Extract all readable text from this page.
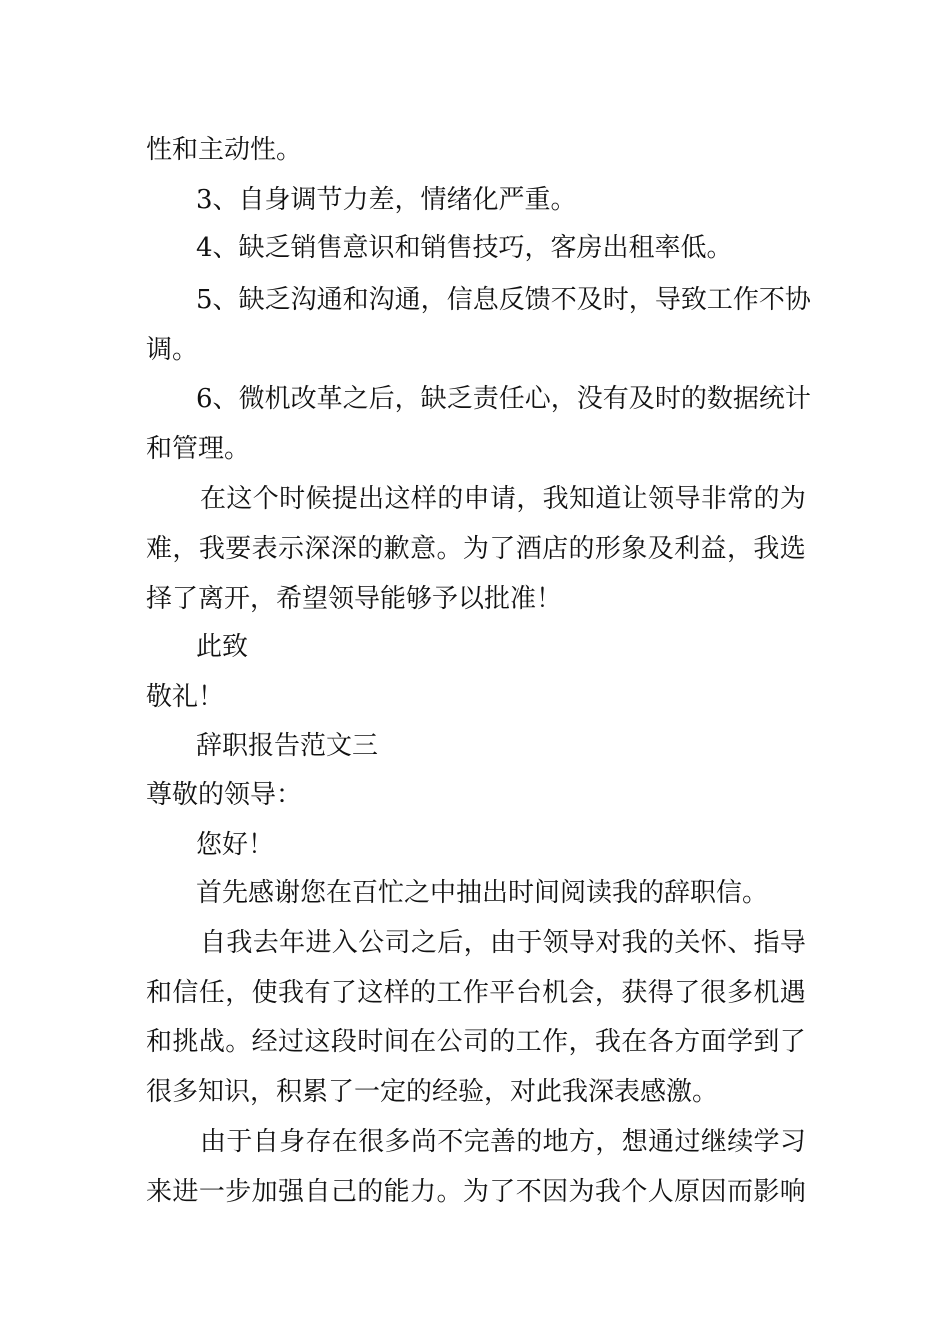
性和主动性。
3、自身调节力差，情绪化严重。
4、缺乏销售意识和销售技巧，客房出租率低。
5 、 缺 乏 沟 通 和 沟 通 ， 信 息 反 馈 不 及 时 ， 导 致 工 作 不 协
调。
6 、 微 机 改 革 之 后 ， 缺 乏 责 任 心 ， 没 有 及 时 的 数 据 统 计
和管理。
在 这 个 时 候 提 出 这 样 的 申 请 ， 我 知 道 让 领 导 非 常 的 为
难 ， 我 要 表 示 深 深 的 歉 意 。 为 了 酒 店 的 形 象 及 利 益 ， 我 选
择了离开，希望领导能够予以批准！
此致
敬礼！
辞职报告范文三
尊敬的领导：
您好！
首先感谢您在百忙之中抽出时间阅读我的辞职信。
自 我 去 年 进 入 公 司 之 后 ， 由 于 领 导 对 我 的 关 怀 、 指 导
和 信 任 ， 使 我 有 了 这 样 的 工 作 平 台 机 会 ， 获 得 了 很 多 机 遇
和 挑 战 。 经 过 这 段 时 间 在 公 司 的 工 作 ， 我 在 各 方 面 学 到 了
很多知识，积累了一定的经验，对此我深表感激。
由 于 自 身 存 在 很 多 尚 不 完 善 的 地 方 ， 想 通 过 继 续 学 习
来 进 一 步 加 强 自 己 的 能 力 。 为 了 不 因 为 我 个 人 原 因 而 影 响
